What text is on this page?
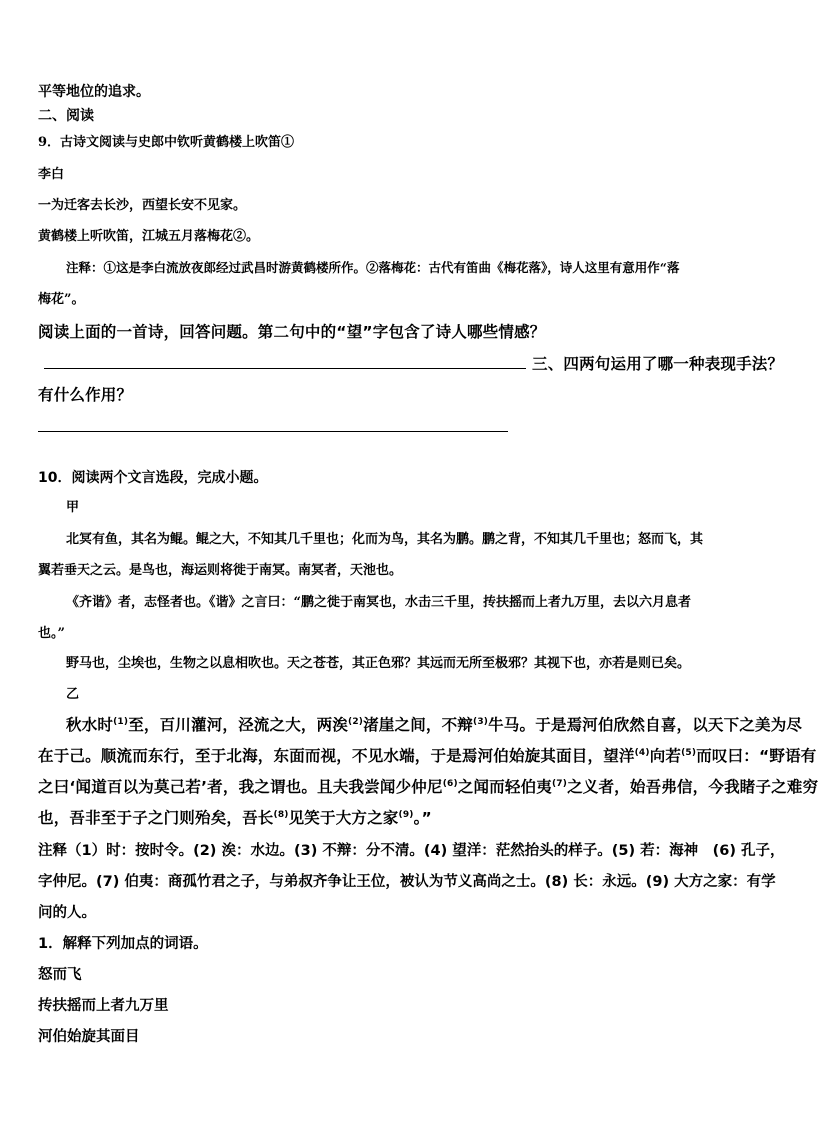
平等地位的追求。
二、阅读
9．古诗文阅读与史郎中钦听黄鹤楼上吹笛①
李白
一为迁客去长沙，西望长安不见家。
黄鹤楼上听吹笛，江城五月落梅花②。
注释：①这是李白流放夜郎经过武昌时游黄鹤楼所作。②落梅花：古代有笛曲《梅花落》，诗人这里有意用作“落
梅花”。
阅读上面的一首诗，回答问题。第二句中的“望”字包含了诗人哪些情感？
三、四两句运用了哪一种表现手法？
有什么作用？
10．阅读两个文言选段，完成小题。
甲
北冥有鱼，其名为鲲。鲲之大，不知其几千里也；化而为鸟，其名为鹏。鹏之背，不知其几千里也；怒而飞，其
翼若垂天之云。是鸟也，海运则将徙于南冥。南冥者，天池也。
《齐谐》者，志怪者也。《谐》之言曰：“鹏之徙于南冥也，水击三千里，抟扶摇而上者九万里，去以六月息者
也。”
野马也，尘埃也，生物之以息相吹也。天之苍苍，其正色邪？其远而无所至极邪？其视下也，亦若是则已矣。
乙
秋水时$^{(1)}$至，百川灌河，泾流之大，两涘$^{(2)}$渚崖之间，不辩$^{(3)}$牛马。于是焉河伯欣然自喜，以天下之美为尽
在于己。顺流而东行，至于北海，东面而视，不见水端，于是焉河伯始旋其面目，望洋$^{(4)}$向若$^{(5)}$而叹曰：“野语有
之曰‘闻道百以为莫己若’者，我之谓也。且夫我尝闻少仲尼$^{(6)}$之闻而轻伯夷$^{(7)}$之义者，始吾弗信，今我睹子之难穷
也，吾非至于子之门则殆矣，吾长$^{(8)}$见笑于大方之家$^{(9)}$。”
注释（1）时：按时令。(2) 涘：水边。(3) 不辩：分不清。(4) 望洋：茫然抬头的样子。(5) 若：海神　(6) 孔子，
字仲尼。(7) 伯夷：商孤竹君之子，与弟叔齐争让王位，被认为节义高尚之士。(8) 长：永远。(9) 大方之家：有学
问的人。
1．解释下列加点的词语。
怒而飞
抟扶摇而上者九万里
河伯始旋其面目
